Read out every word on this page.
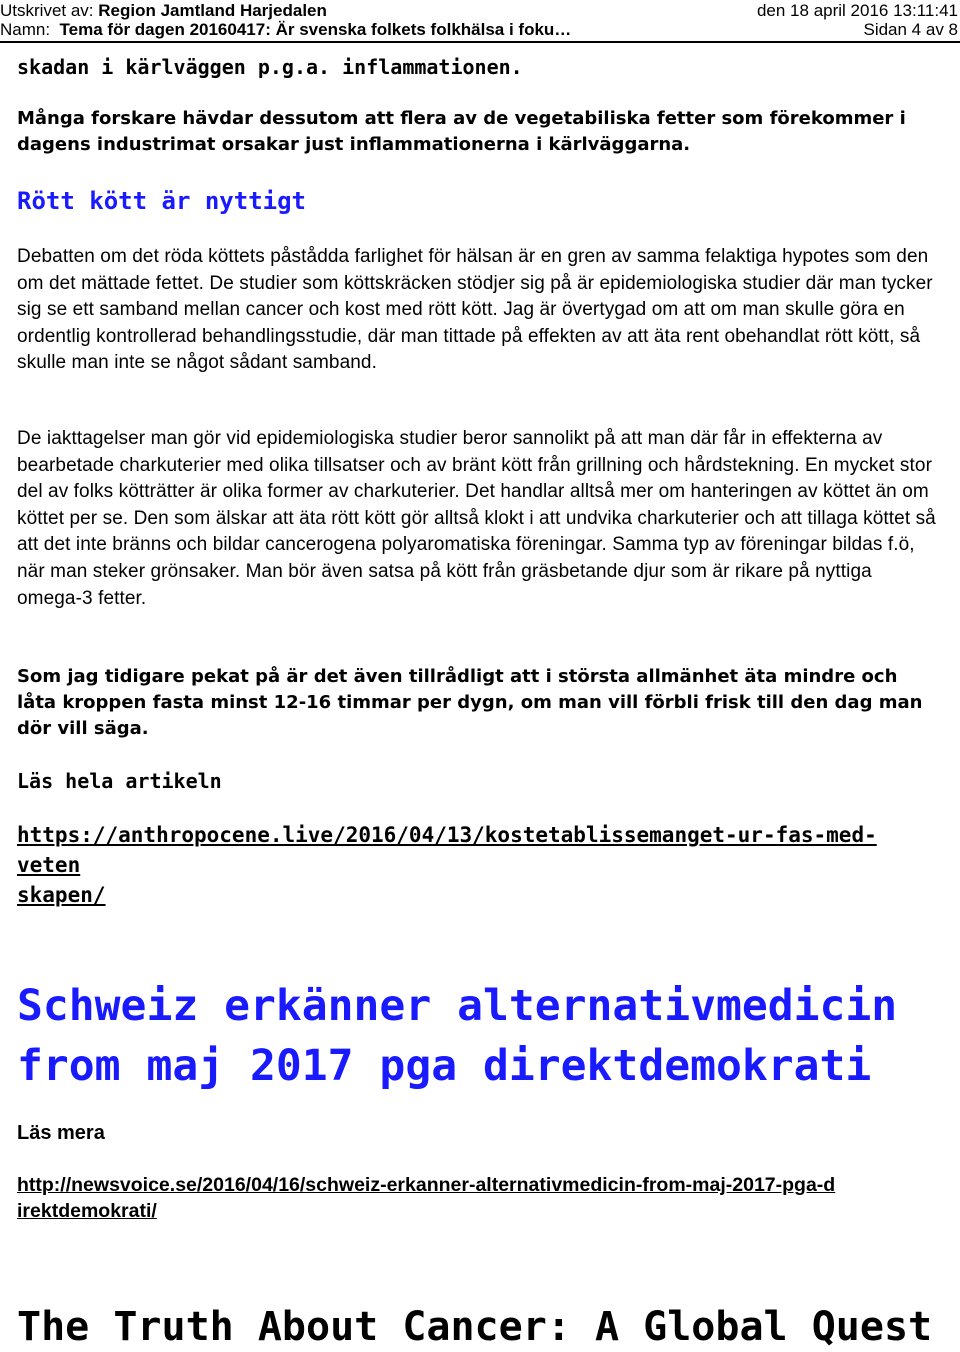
Utskrivet av: Region Jamtland Harjedalen	den 18 april 2016 13:11:41
Namn: Tema för dagen 20160417: Är svenska folkets folkhälsa i foku…	Sidan 4 av 8

skadan i kärlväggen p.g.a. inflammationen.

Många forskare hävdar dessutom att flera av de vegetabiliska fetter som förekommer i dagens industrimat orsakar just inflammationerna i kärlväggarna.

Rött kött är nyttigt

Debatten om det röda köttets påstådda farlighet för hälsan är en gren av samma felaktiga hypotes som den om det mättade fettet. De studier som köttskräcken stödjer sig på är epidemiologiska studier där man tycker sig se ett samband mellan cancer och kost med rött kött. Jag är övertygad om att om man skulle göra en ordentlig kontrollerad behandlingsstudie, där man tittade på effekten av att äta rent obehandlat rött kött, så skulle man inte se något sådant samband.

De iakttagelser man gör vid epidemiologiska studier beror sannolikt på att man där får in effekterna av bearbetade charkuterier med olika tillsatser och av bränt kött från grillning och hårdstekning. En mycket stor del av folks kötträtter är olika former av charkuterier. Det handlar alltså mer om hanteringen av köttet än om köttet per se. Den som älskar att äta rött kött gör alltså klokt i att undvika charkuterier och att tillaga köttet så att det inte bränns och bildar cancerogena polyaromatiska föreningar. Samma typ av föreningar bildas f.ö, när man steker grönsaker. Man bör även satsa på kött från gräsbetande djur som är rikare på nyttiga omega-3 fetter.

Som jag tidigare pekat på är det även tillrådligt att i största allmänhet äta mindre och låta kroppen fasta minst 12-16 timmar per dygn, om man vill förbli frisk till den dag man dör vill säga.

Läs hela artikeln

https://anthropocene.live/2016/04/13/kostetablissemanget-ur-fas-med-veten
skapen/

Schweiz erkänner alternativmedicin
from maj 2017 pga direktdemokrati

Läs mera

http://newsvoice.se/2016/04/16/schweiz-erkanner-alternativmedicin-from-maj-2017-pga-d
irektdemokrati/

The Truth About Cancer: A Global Quest
